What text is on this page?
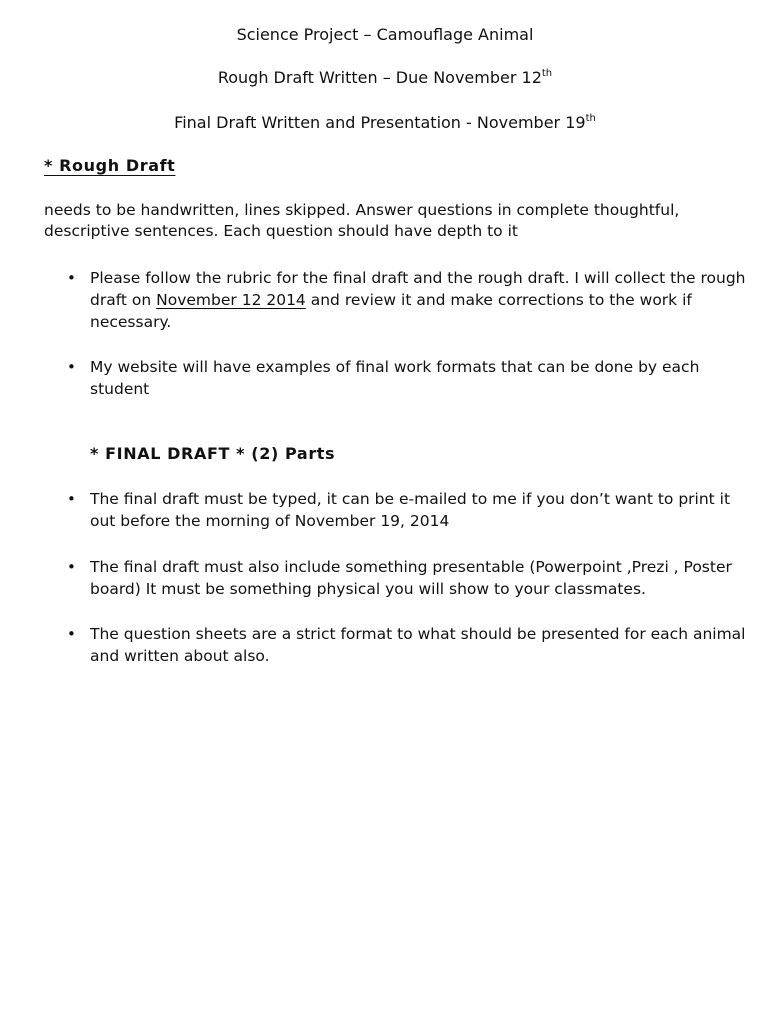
Science Project – Camouflage Animal
Rough Draft Written – Due November 12th
Final Draft Written and Presentation - November 19th
* Rough Draft
needs to be handwritten, lines skipped. Answer questions in complete thoughtful, descriptive sentences. Each question should have depth to it
• Please follow the rubric for the final draft and the rough draft. I will collect the rough draft on November 12 2014 and review it and make corrections to the work if necessary.
• My website will have examples of final work formats that can be done by each student
* FINAL DRAFT * (2) Parts
• The final draft must be typed, it can be e-mailed to me if you don’t want to print it out before the morning of November 19, 2014
• The final draft must also include something presentable (Powerpoint ,Prezi , Poster board) It must be something physical you will show to your classmates.
• The question sheets are a strict format to what should be presented for each animal and written about also.
